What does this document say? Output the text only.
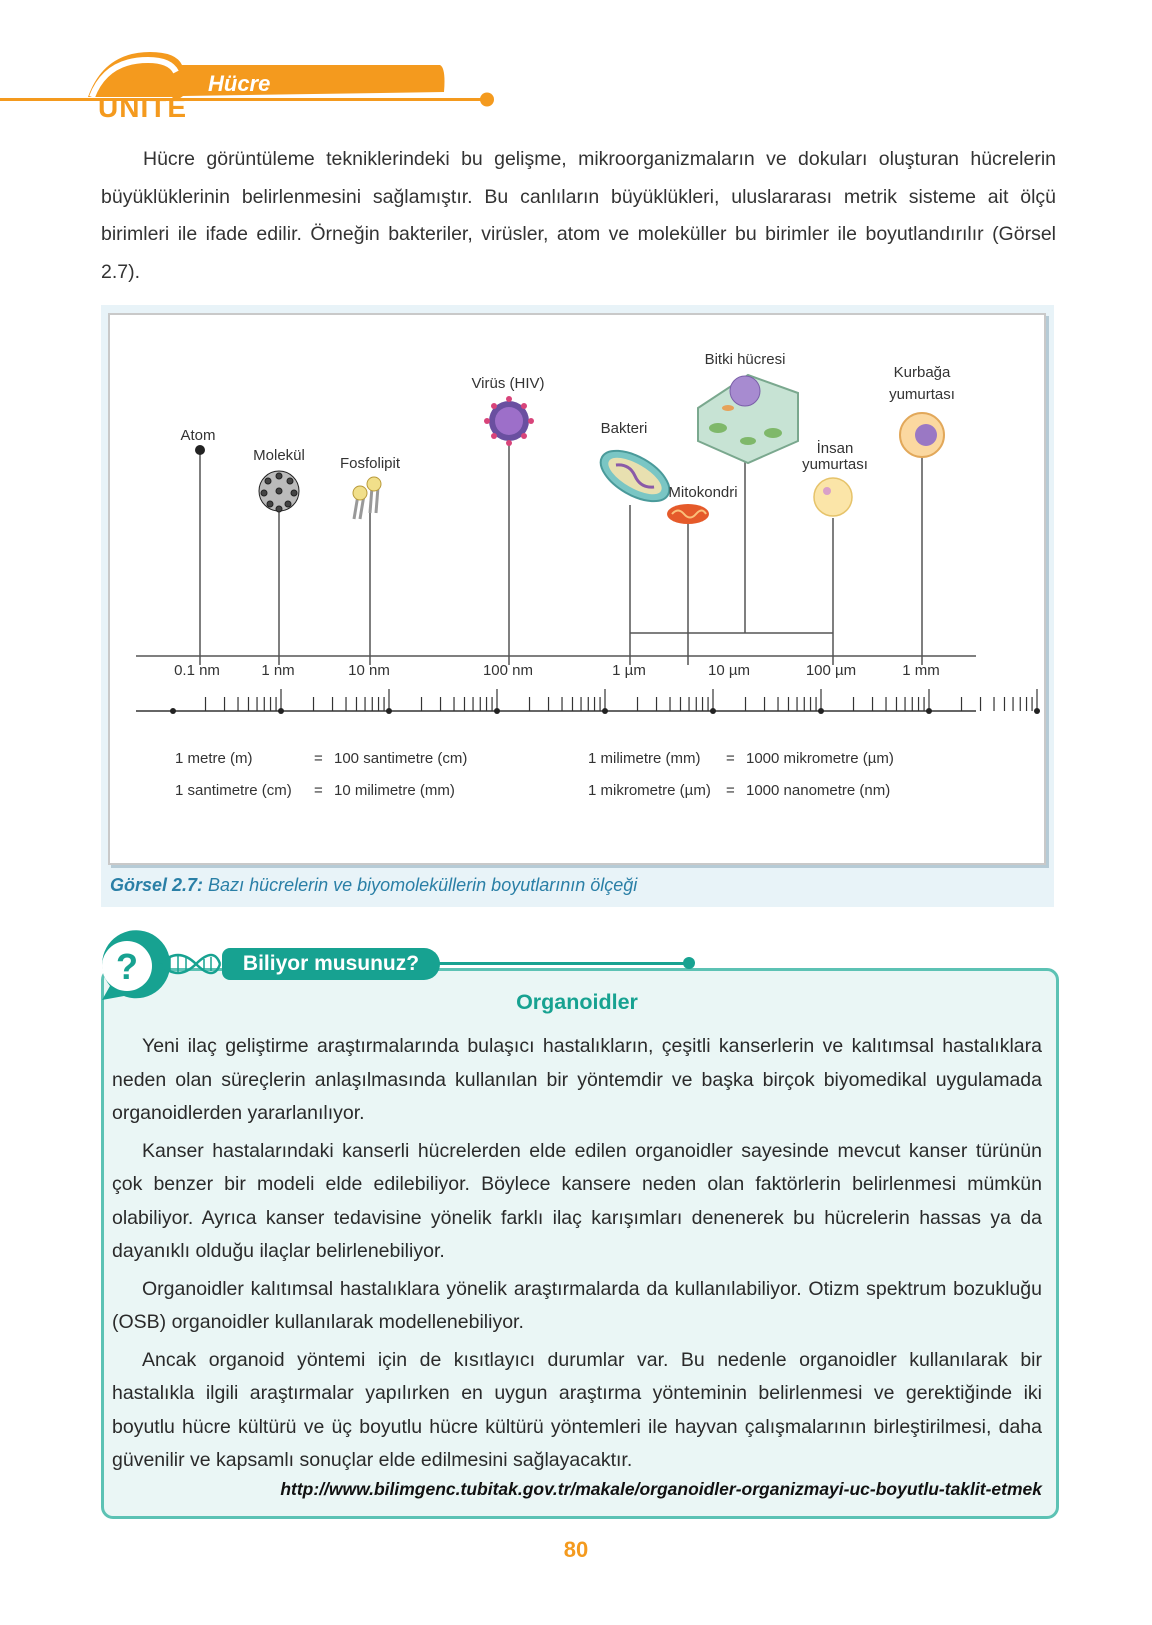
2.
ÜNİTE
Hücre

Hücre görüntüleme tekniklerindeki bu gelişme, mikroorganizmaların ve dokuları oluşturan hücrelerin büyüklüklerinin belirlenmesini sağlamıştır. Bu canlıların büyüklükleri, uluslararası metrik sisteme ait ölçü birimleri ile ifade edilir. Örneğin bakteriler, virüsler, atom ve moleküller bu birimler ile boyutlandırılır (Görsel 2.7).

Atom
Molekül Fosfolipit
Virüs (HIV)
Bakteri
Mitokondri
Bitki hücresi
İnsan
yumurtası
Kurbağa
yumurtası
0.1 nm	1 nm	10 nm	100 nm	1 µm	10 µm	100 µm	1 mm
1 metre (m)	= 100 santimetre (cm)	1 milimetre (mm) = 1000 mikrometre (µm)
1 santimetre (cm) = 10 milimetre (mm)	1 mikrometre (µm) = 1000 nanometre (nm)
Görsel 2.7: Bazı hücrelerin ve biyomoleküllerin boyutlarının ölçeği
?	Biliyor musunuz?
Organoidler

Yeni ilaç geliştirme araştırmalarında bulaşıcı hastalıkların, çeşitli kanserlerin ve kalıtımsal hastalıklara neden olan süreçlerin anlaşılmasında kullanılan bir yöntemdir ve başka birçok biyomedikal uygulamada organoidlerden yararlanılıyor.

Kanser hastalarındaki kanserli hücrelerden elde edilen organoidler sayesinde mevcut kanser türünün çok benzer bir modeli elde edilebiliyor. Böylece kansere neden olan faktörlerin belirlenmesi mümkün olabiliyor. Ayrıca kanser tedavisine yönelik farklı ilaç karışımları denenerek bu hücrelerin hassas ya da dayanıklı olduğu ilaçlar belirlenebiliyor.

Organoidler kalıtımsal hastalıklara yönelik araştırmalarda da kullanılabiliyor. Otizm spektrum bozukluğu (OSB) organoidler kullanılarak modellenebiliyor.

Ancak organoid yöntemi için de kısıtlayıcı durumlar var. Bu nedenle organoidler kullanılarak bir hastalıkla ilgili araştırmalar yapılırken en uygun araştırma yönteminin belirlenmesi ve gerektiğinde iki boyutlu hücre kültürü ve üç boyutlu hücre kültürü yöntemleri ile hayvan çalışmalarının birleştirilmesi, daha güvenilir ve kapsamlı sonuçlar elde edilmesini sağlayacaktır.

http://www.bilimgenc.tubitak.gov.tr/makale/organoidler-organizmayi-uc-boyutlu-taklit-etmek
80
